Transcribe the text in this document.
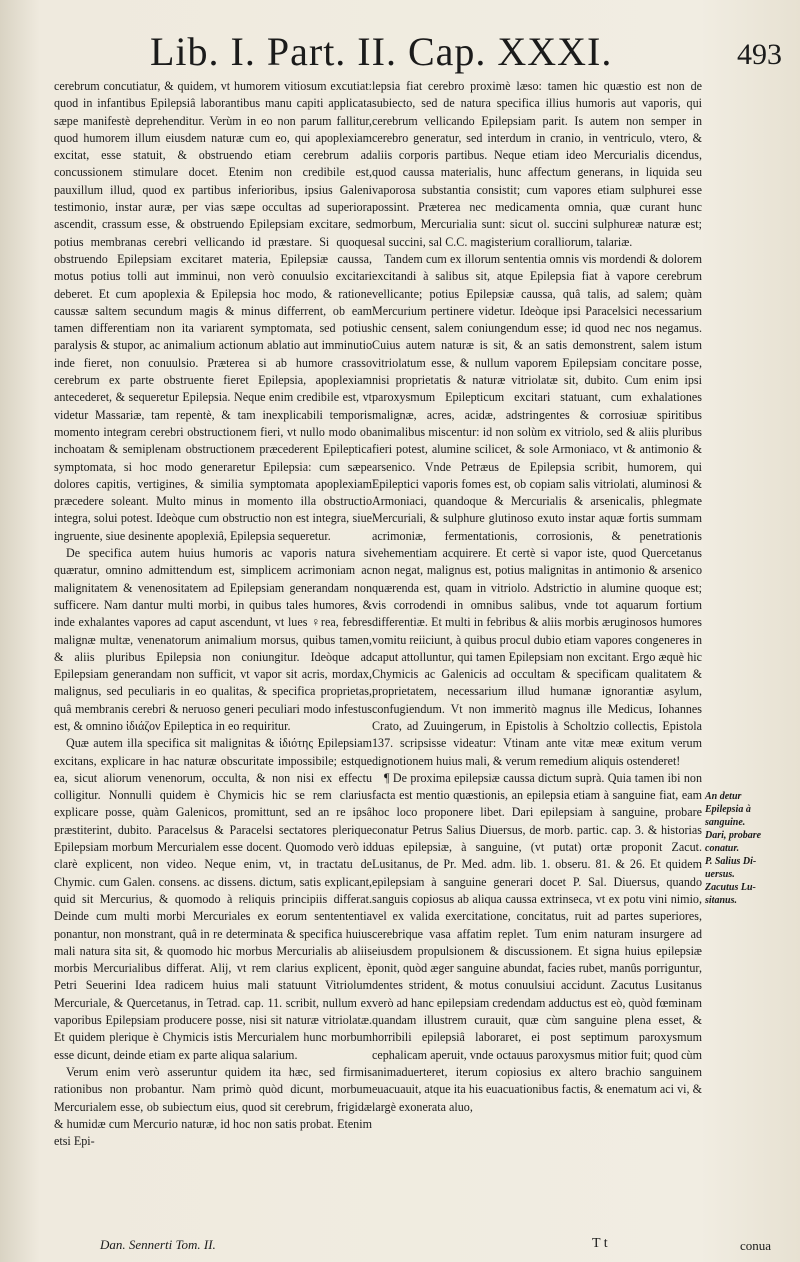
Lib. I. Part. II. Cap. XXXI.	493

cerebrum concutiatur, & quidem, vt humorem vitiosum excutiat: quod in infantibus Epilepsiâ laborantibus manu capiti applicata sæpe manifestè deprehenditur. Verùm in eo non parum fallitur, quod humorem illum eiusdem naturæ cum eo, qui apoplexiam excitat, esse statuit, & obstruendo etiam cerebrum ad concussionem stimulare docet. Etenim non credibile est, pauxillum illud, quod ex partibus inferioribus, ipsius Galeni testimonio, instar auræ, per vias sæpe occultas ad superiora ascendit, crassum esse, & obstruendo Epilepsiam excitare, sed potius membranas cerebri vellicando id præstare. Si quoque obstruendo Epilepsiam excitaret materia, Epilepsiæ caussa, motus potius tolli aut imminui, non verò conuulsio excitari deberet. Et cum apoplexia & Epilepsia hoc modo, & ratione caussæ saltem secundum magis & minus differrent, ob eam tamen differentiam non ita variarent symptomata, sed potius paralysis & stupor, ac animalium actionum ablatio aut imminutio inde fieret, non conuulsio. Præterea si ab humore crasso cerebrum ex parte obstruente fieret Epilepsia, apoplexiam antecederet, & sequeretur Epilepsia. Neque enim credibile est, vt videtur Massariæ, tam repentè, & tam inexplicabili temporis momento integram cerebri obstructionem fieri, vt nullo modo ob inchoatam & semiplenam obstructionem præcederent Epileptica symptomata, si hoc modo generaretur Epilepsia: cum sæpe dolores capitis, vertigines, & similia symptomata apoplexiam præcedere soleant. Multo minus in momento illa obstructio integra, solui potest. Ideòque cum obstructio non est integra, siue ingruente, siue desinente apoplexiâ, Epilepsia sequeretur.

De specifica autem huius humoris ac vaporis natura si quæratur, omnino admittendum est, simplicem acrimoniam ac malignitatem & venenositatem ad Epilepsiam generandam non sufficere. Nam dantur multi morbi, in quibus tales humores, & inde exhalantes vapores ad caput ascendunt, vt lues ♀rea, febres malignæ multæ, venenatorum animalium morsus, quibus tamen, & aliis pluribus Epilepsia non coniungitur. Ideòque ad Epilepsiam generandam non sufficit, vt vapor sit acris, mordax, malignus, sed peculiaris in eo qualitas, & specifica proprietas, quâ membranis cerebri & neruoso generi peculiari modo infestus est, & omnino ἰδιάζον Epileptica in eo requiritur.

Quæ autem illa specifica sit malignitas & ἰδιότης Epilepsiam excitans, explicare in hac naturæ obscuritate impossibile; estque ea, sicut aliorum venenorum, occulta, & non nisi ex effectu colligitur. Nonnulli quidem è Chymicis hic se rem clarius explicare posse, quàm Galenicos, promittunt, sed an re ipsâ præstiterint, dubito. Paracelsus & Paracelsi sectatores plerique Epilepsiam morbum Mercurialem esse docent. Quomodo verò id clarè explicent, non video. Neque enim, vt, in tractatu de Chymic. cum Galen. consens. ac dissens. dictum, satis explicant, quid sit Mercurius, & quomodo à reliquis principiis differat. Deinde cum multi morbi Mercuriales ex eorum sentententia ponantur, non monstrant, quâ in re determinata & specifica huius mali natura sita sit, & quomodo hic morbus Mercurialis ab aliis morbis Mercurialibus differat. Alij, vt rem clarius explicent, è Petri Seuerini Idea radicem huius mali statuunt Vitriolum Mercuriale, & Quercetanus, in Tetrad. cap. 11. scribit, nullum ex vaporibus Epilepsiam producere posse, nisi sit naturæ vitriolatæ. Et quidem plerique è Chymicis istis Mercurialem hunc morbum esse dicunt, deinde etiam ex parte aliqua salarium.

Verum enim verò asseruntur quidem ita hæc, sed firmis rationibus non probantur. Nam primò quòd dicunt, morbum Mercurialem esse, ob subiectum eius, quod sit cerebrum, frigidæ & humidæ cum Mercurio naturæ, id hoc non satis probat. Etenim etsi Epi-

lepsia fiat cerebro proximè læso: tamen hic quæstio est non de subiecto, sed de natura specifica illius humoris aut vaporis, qui cerebrum vellicando Epilepsiam parit. Is autem non semper in cerebro generatur, sed interdum in cranio, in ventriculo, vtero, & aliis corporis partibus. Neque etiam ideo Mercurialis dicendus, quod caussa materialis, hunc affectum generans, in liquida seu vaporosa substantia consistit; cum vapores etiam sulphurei esse possint. Præterea nec medicamenta omnia, quæ curant hunc morbum, Mercurialia sunt: sicut ol. succini sulphureæ naturæ est; sal succini, sal C.C. magisterium coralliorum, talariæ.

Tandem cum ex illorum sententia omnis vis mordendi & dolorem excitandi à salibus sit, atque Epilepsia fiat à vapore cerebrum vellicante; potius Epilepsiæ caussa, quâ talis, ad salem; quàm Mercurium pertinere videtur. Ideòque ipsi Paracelsici necessarium hic censent, salem coniungendum esse; id quod nec nos negamus. Cuius autem naturæ is sit, & an satis demonstrent, salem istum vitriolatum esse, & nullum vaporem Epilepsiam concitare posse, nisi proprietatis & naturæ vitriolatæ sit, dubito. Cum enim ipsi paroxysmum Epilepticum excitari statuant, cum exhalationes malignæ, acres, acidæ, adstringentes & corrosiuæ spiritibus animalibus miscentur: id non solùm ex vitriolo, sed & aliis pluribus fieri potest, alumine scilicet, & sole Armoniaco, vt & antimonio & arsenico. Vnde Petræus de Epilepsia scribit, humorem, qui Epileptici vaporis fomes est, ob copiam salis vitriolati, aluminosi & Armoniaci, quandoque & Mercurialis & arsenicalis, phlegmate Mercuriali, & sulphure glutinoso exuto instar aquæ fortis summam acrimoniæ, fermentationis, corrosionis, & penetrationis vehementiam acquirere. Et certè si vapor iste, quod Quercetanus non negat, malignus est, potius malignitas in antimonio & arsenico quærenda est, quam in vitriolo. Adstrictio in alumine quoque est; vis corrodendi in omnibus salibus, vnde tot aquarum fortium differentiæ. Et multi in febribus & aliis morbis æruginosos humores vomitu reiiciunt, à quibus procul dubio etiam vapores congeneres in caput attolluntur, qui tamen Epilepsiam non excitant. Ergo æquè hic Chymicis ac Galenicis ad occultam & specificam qualitatem & proprietatem, necessarium illud humanæ ignorantiæ asylum, confugiendum. Vt non immeritò magnus ille Medicus, Iohannes Crato, ad Zuuingerum, in Epistolis à Scholtzio collectis, Epistola 137. scripsisse videatur: Vtinam ante vitæ meæ exitum verum dignotionem huius mali, & verum remedium aliquis ostenderet!

¶ De proxima epilepsiæ caussa dictum suprà. Quia tamen ibi non facta est mentio quæstionis, an epilepsia etiam à sanguine fiat, eam hoc loco proponere libet. Dari epilepsiam à sanguine, probare conatur Petrus Salius Diuersus, de morb. partic. cap. 3. & historias duas epilepsiæ, à sanguine, (vt putat) ortæ proponit Zacut. Lusitanus, de Pr. Med. adm. lib. 1. obseru. 81. & 26. Et quidem epilepsiam à sanguine generari docet P. Sal. Diuersus, quando sanguis copiosus ab aliqua caussa extrinseca, vt ex potu vini nimio, vel ex valida exercitatione, concitatus, ruit ad partes superiores, cerebrique vasa affatim replet. Tum enim naturam insurgere ad eiusdem propulsionem & discussionem. Et signa huius epilepsiæ ponit, quòd æger sanguine abundat, facies rubet, manûs porriguntur, dentes strident, & motus conuulsiui accidunt. Zacutus Lusitanus verò ad hanc epilepsiam credendam adductus est eò, quòd fœminam quandam illustrem curauit, quæ cùm sanguine plena esset, & horribili epilepsiâ laboraret, ei post septimum paroxysmum cephalicam aperuit, vnde octauus paroxysmus mitior fuit; quod cùm animaduerteret, iterum copiosius ex altero brachio sanguinem euacuauit, atque ita his euacuationibus factis, & enematum aci vi, & largè exonerata aluo,

An detur
Epilepsia à
sanguine.
Dari, probare
conatur.
P. Salius Di-
uersus.
Zacutus Lu-
sitanus.
Dan. Sennerti Tom. II.	T t	conua
